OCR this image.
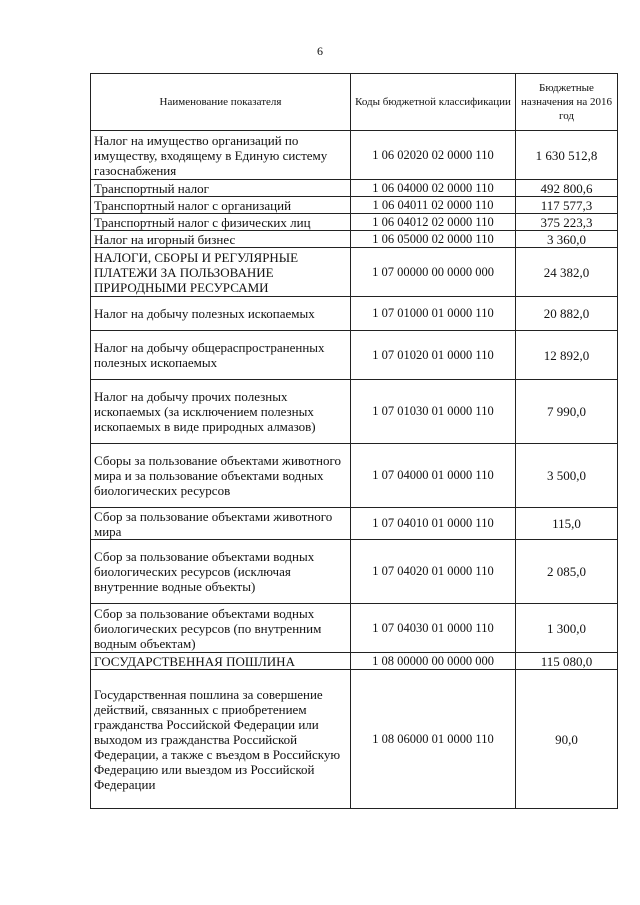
6
Наименование показателя	Коды бюджетной классификации	Бюджетные назначения на 2016 год
Налог на имущество организаций по имуществу, входящему в Единую систему газоснабжения	1 06 02020 02 0000 110	1 630 512,8
Транспортный налог	1 06 04000 02 0000 110	492 800,6
Транспортный налог с организаций	1 06 04011 02 0000 110	117 577,3
Транспортный налог с физических лиц	1 06 04012 02 0000 110	375 223,3
Налог на игорный бизнес	1 06 05000 02 0000 110	3 360,0
НАЛОГИ, СБОРЫ И РЕГУЛЯРНЫЕ ПЛАТЕЖИ ЗА ПОЛЬЗОВАНИЕ ПРИРОДНЫМИ РЕСУРСАМИ	1 07 00000 00 0000 000	24 382,0
Налог на добычу полезных ископаемых	1 07 01000 01 0000 110	20 882,0
Налог на добычу общераспространенных полезных ископаемых	1 07 01020 01 0000 110	12 892,0
Налог на добычу прочих полезных ископаемых (за исключением полезных ископаемых в виде природных алмазов)	1 07 01030 01 0000 110	7 990,0
Сборы за пользование объектами животного мира и за пользование объектами водных биологических ресурсов	1 07 04000 01 0000 110	3 500,0
Сбор за пользование объектами животного мира	1 07 04010 01 0000 110	115,0
Сбор за пользование объектами водных биологических ресурсов (исключая внутренние водные объекты)	1 07 04020 01 0000 110	2 085,0
Сбор за пользование объектами водных биологических ресурсов (по внутренним водным объектам)	1 07 04030 01 0000 110	1 300,0
ГОСУДАРСТВЕННАЯ ПОШЛИНА	1 08 00000 00 0000 000	115 080,0
Государственная пошлина за совершение действий, связанных с приобретением гражданства Российской Федерации или выходом из гражданства Российской Федерации, а также с въездом в Российскую Федерацию или выездом из Российской Федерации	1 08 06000 01 0000 110	90,0
